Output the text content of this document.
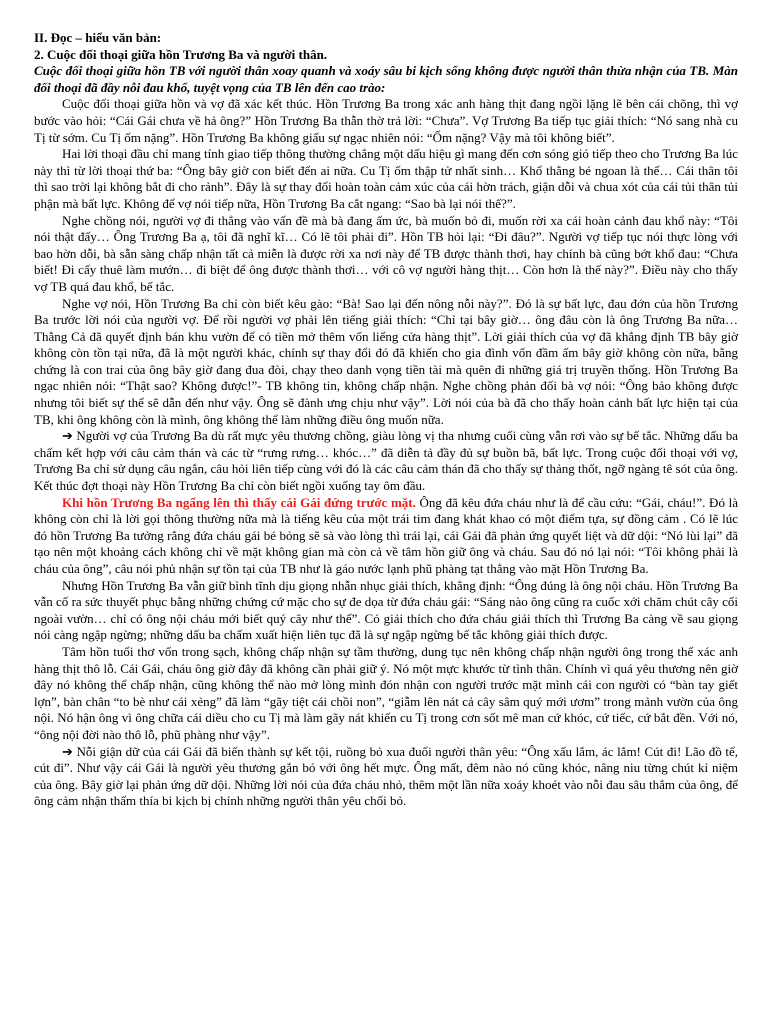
II. Đọc – hiểu văn bản:
2. Cuộc đối thoại giữa hồn Trương Ba và người thân.
Cuộc đối thoại giữa hồn TB với người thân xoay quanh và xoáy sâu bi kịch sống không được người thân thừa nhận của TB. Màn đối thoại đã đầy nỗi đau khổ, tuyệt vọng của TB lên đến cao trào:

Cuộc đối thoại giữa hồn và vợ đã xác kết thúc. Hồn Trương Ba trong xác anh hàng thịt đang ngồi lặng lẽ bên cái chõng, thì vợ bước vào hỏi: “Cái Gái chưa về hả ông?” Hồn Trương Ba thẫn thờ trả lời: “Chưa”. Vợ Trương Ba tiếp tục giải thích: “Nó sang nhà cu Tị từ sớm. Cu Tị ốm nặng”. Hồn Trương Ba không giấu sự ngạc nhiên nói: “Ốm nặng? Vậy mà tôi không biết”.

Hai lời thoại đầu chỉ mang tính giao tiếp thông thường chẳng một dấu hiệu gì mang đến cơn sóng gió tiếp theo cho Trương Ba lúc này thì từ lời thoại thứ ba: “Ông bây giờ con biết đến ai nữa. Cu Tị ốm thập tử nhất sinh… Khổ thằng bé ngoan là thế… Cái thân tôi thì sao trời lại không bắt đi cho rảnh”. Đây là sự thay đổi hoàn toàn cảm xúc của cái hờn trách, giận dỗi và chua xót của cái tủi thân tủi phận mà bất lực. Không để vợ nói tiếp nữa, Hồn Trương Ba cắt ngang: “Sao bà lại nói thế?”.

Nghe chồng nói, người vợ đi thẳng vào vấn đề mà bà đang ấm ức, bà muốn bỏ đi, muốn rời xa cái hoàn cảnh đau khổ này: “Tôi nói thật đấy… Ông Trương Ba ạ, tôi đã nghĩ kĩ… Có lẽ tôi phải đi”. Hồn TB hỏi lại: “Đi đâu?”. Người vợ tiếp tục nói thực lòng với bao hờn dỗi, bà sẵn sàng chấp nhận tất cả miễn là được rời xa nơi này để TB được thành thơi, hay chính bà cũng bớt khổ đau: “Chưa biết! Đi cấy thuê làm mướn… đi biệt để ông được thành thơi… với cô vợ người hàng thịt… Còn hơn là thế này?”. Điều này cho thấy vợ TB quá đau khổ, bế tắc.

Nghe vợ nói, Hồn Trương Ba chỉ còn biết kêu gào: “Bà! Sao lại đến nông nỗi này?”. Đó là sự bất lực, đau đớn của hồn Trương Ba trước lời nói của người vợ. Để rồi người vợ phải lên tiếng giải thích: “Chỉ tại bây giờ… ông đâu còn là ông Trương Ba nữa… Thằng Cả đã quyết định bán khu vườn để có tiền mở thêm vốn liếng cửa hàng thịt”. Lời giải thích của vợ đã khẳng định TB bây giờ không còn tồn tại nữa, đã là một người khác, chính sự thay đổi đó đã khiến cho gia đình vốn đầm ấm bây giờ không còn nữa, bằng chứng là con trai của ông bây giờ đang đua đòi, chạy theo danh vọng tiền tài mà quên đi những giá trị truyền thống. Hồn Trương Ba ngạc nhiên nói: “Thật sao? Không được!”- TB không tin, không chấp nhận. Nghe chồng phản đối bà vợ nói: “Ông bảo không được nhưng tôi biết sự thể sẽ dẫn đến như vậy. Ông sẽ đành ưng chịu như vậy”. Lời nói của bà đã cho thấy hoàn cảnh bất lực hiện tại của TB, khi ông không còn là mình, ông không thể làm những điều ông muốn nữa.

➔ Người vợ của Trương Ba dù rất mực yêu thương chồng, giàu lòng vị tha nhưng cuối cùng vẫn rơi vào sự bế tắc. Những dấu ba chấm kết hợp với câu cảm thán và các từ “rưng rưng… khóc…” đã diễn tả đầy đủ sự buồn bã, bất lực. Trong cuộc đối thoại với vợ, Trương Ba chỉ sử dụng câu ngắn, câu hỏi liên tiếp cùng với đó là các câu cảm thán đã cho thấy sự thảng thốt, ngỡ ngàng tê sót của ông. Kết thúc đợt thoại này Hồn Trương Ba chỉ còn biết ngồi xuống tay ôm đầu.

Khi hồn Trương Ba ngẩng lên thì thấy cái Gái đứng trước mặt. Ông đã kêu đứa cháu như là để cầu cứu: “Gái, cháu!”. Đó là không còn chỉ là lời gọi thông thường nữa mà là tiếng kêu của một trái tim đang khát khao có một điểm tựa, sự đồng cảm . Có lẽ lúc đó hồn Trương Ba tưởng rằng đứa cháu gái bé bỏng sẽ sà vào lòng thì trái lại, cái Gái đã phản ứng quyết liệt và dữ dội: “Nó lùi lại” đã tạo nên một khoảng cách không chỉ về mặt không gian mà còn cả về tâm hồn giữ ông và cháu. Sau đó nó lại nói: “Tôi không phải là cháu của ông”, câu nói phủ nhận sự tồn tại của TB như là gáo nước lạnh phũ phàng tạt thẳng vào mặt Hồn Trương Ba.

Nhưng Hồn Trương Ba vẫn giữ bình tĩnh dịu giọng nhẫn nhục giải thích, khẳng định: “Ông đúng là ông nội cháu. Hồn Trương Ba vẫn cố ra sức thuyết phục bằng những chứng cứ mặc cho sự đe dọa từ đứa cháu gái: “Sáng nào ông cũng ra cuốc xới chăm chút cây cối ngoài vườn… chỉ có ông nội cháu mới biết quý cây như thế”. Có giải thích cho đứa cháu giải thích thì Trương Ba càng về sau giọng nói càng ngập ngừng; những dấu ba chấm xuất hiện liên tục đã là sự ngập ngừng bế tắc không giải thích được.

Tâm hồn tuổi thơ vốn trong sạch, không chấp nhận sự tầm thường, dung tục nên không chấp nhận người ông trong thể xác anh hàng thịt thô lỗ. Cái Gái, cháu ông giờ đây đã không cần phải giữ ý. Nó một mực khước từ tình thân. Chính vì quá yêu thương nên giờ đây nó không thể chấp nhận, cũng không thể nào mở lòng mình đón nhận con người trước mặt mình cái con người có “bàn tay giết lợn”, bàn chân “to bè như cái xẻng” đã làm “gãy tiệt cái chồi non”, “giẫm lên nát cả cây sâm quý mới ươm” trong mảnh vườn của ông nội. Nó hận ông vì ông chữa cái diều cho cu Tị mà làm gãy nát khiến cu Tị trong cơn sốt mê man cứ khóc, cứ tiếc, cứ bắt đền. Với nó, “ông nội đời nào thô lỗ, phũ phàng như vậy”.

➔ Nỗi giận dữ của cái Gái đã biến thành sự kết tội, ruồng bỏ xua đuổi người thân yêu: “Ông xấu lắm, ác lắm! Cút đi! Lão đồ tể, cút đi”. Như vậy cái Gái là người yêu thương gắn bó với ông hết mực. Ông mất, đêm nào nó cũng khóc, nâng niu từng chút kỉ niệm của ông. Bây giờ lại phản ứng dữ dội. Những lời nói của đứa cháu nhỏ, thêm một lần nữa xoáy khoét vào nỗi đau sâu thẳm của ông, để ông cảm nhận thấm thía bi kịch bị chính những người thân yêu chối bỏ.
